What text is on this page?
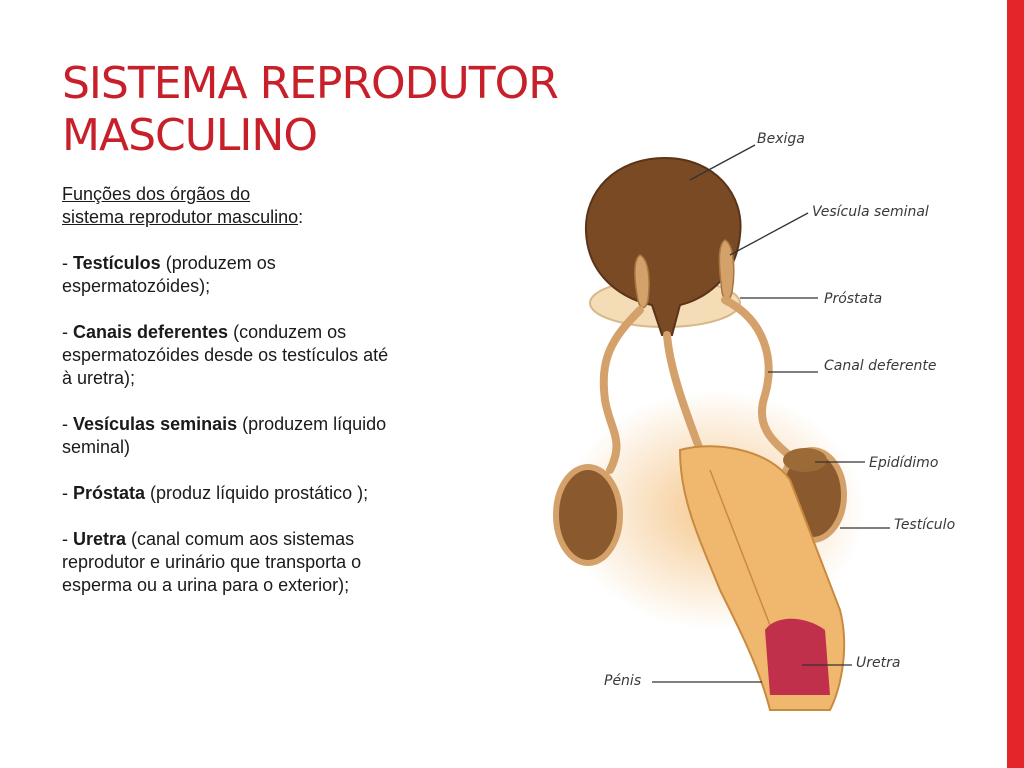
SISTEMA REPRODUTOR
MASCULINO

Funções dos órgãos do
sistema reprodutor masculino:

- Testículos (produzem os espermatozóides);

- Canais deferentes (conduzem os espermatozóides desde os testículos até à uretra);

- Vesículas seminais (produzem líquido seminal)

- Próstata (produz líquido prostático );

- Uretra (canal comum aos sistemas reprodutor e urinário que transporta o esperma ou a urina para o exterior);

Bexiga
Vesícula seminal
Próstata
Canal deferente
Epidídimo
Testículo
Uretra
Pénis
